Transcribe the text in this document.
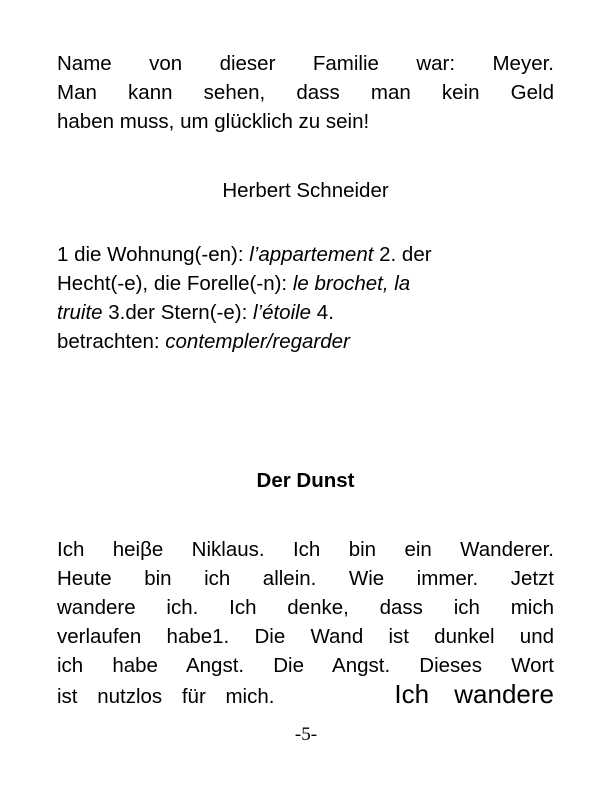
Name von dieser Familie war: Meyer.
Man kann sehen, dass man kein Geld
haben muss, um glücklich zu sein!
Herbert Schneider
1 die Wohnung(-en): l’appartement 2. der
Hecht(-e), die Forelle(-n): le brochet, la
truite 3.der Stern(-e): l’étoile 4.
betrachten: contempler/regarder
Der Dunst
Ich heiβe Niklaus. Ich bin ein Wanderer.
Heute bin ich allein. Wie immer. Jetzt
wandere ich. Ich denke, dass ich mich
verlaufen habe1. Die Wand ist dunkel und
ich habe Angst. Die Angst. Dieses Wort
ist nutzlos für mich.	Ich wandere
-5-
